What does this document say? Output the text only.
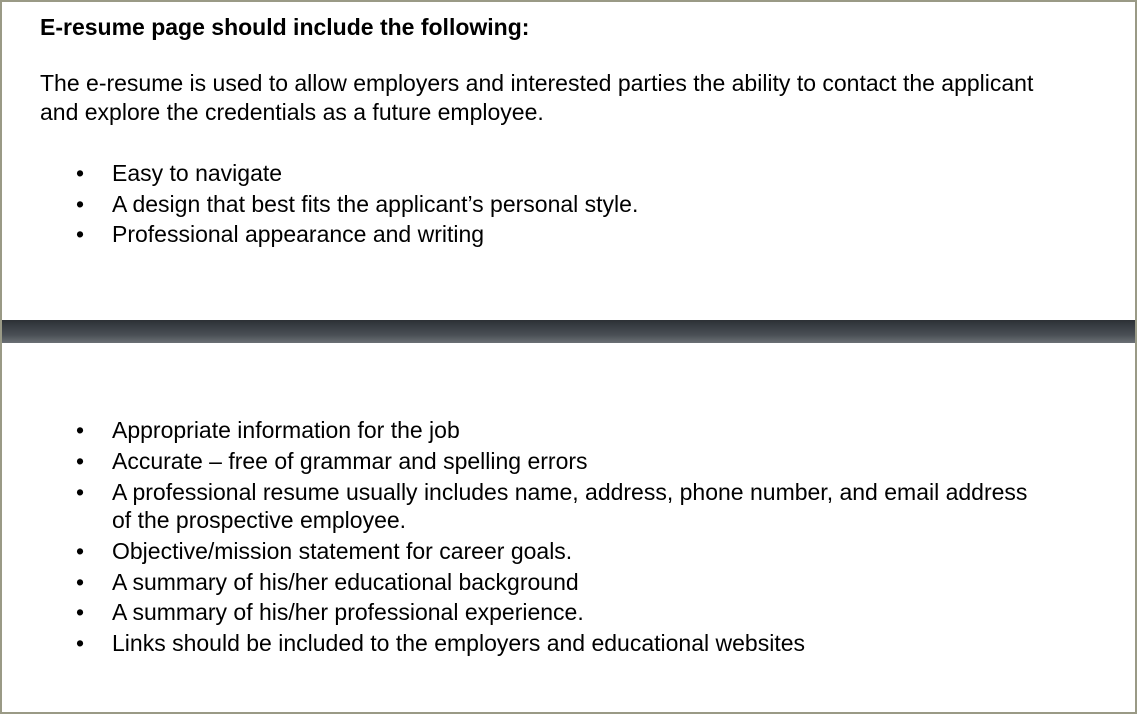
E-resume page should include the following:

The e-resume is used to allow employers and interested parties the ability to contact the applicant and explore the credentials as a future employee.

• Easy to navigate
• A design that best fits the applicant’s personal style.
• Professional appearance and writing
• Appropriate information for the job
• Accurate – free of grammar and spelling errors
• A professional resume usually includes name, address, phone number, and email address of the prospective employee.
• Objective/mission statement for career goals.
• A summary of his/her educational background
• A summary of his/her professional experience.
• Links should be included to the employers and educational websites
